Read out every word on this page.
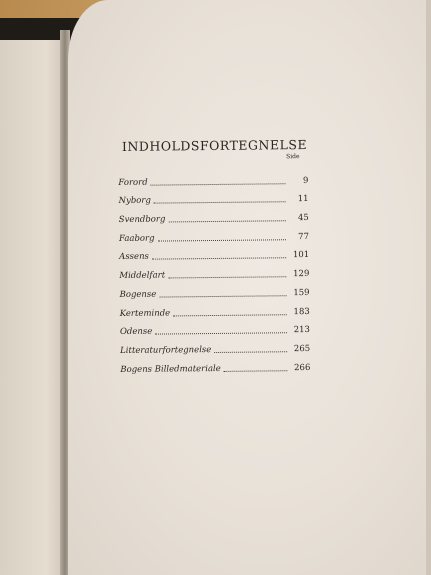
INDHOLDSFORTEGNELSE
Side
Forord	9
Nyborg	11
Svendborg	45
Faaborg	77
Assens	101
Middelfart	129
Bogense	159
Kerteminde	183
Odense	213
Litteraturfortegnelse	265
Bogens Billedmateriale	266
